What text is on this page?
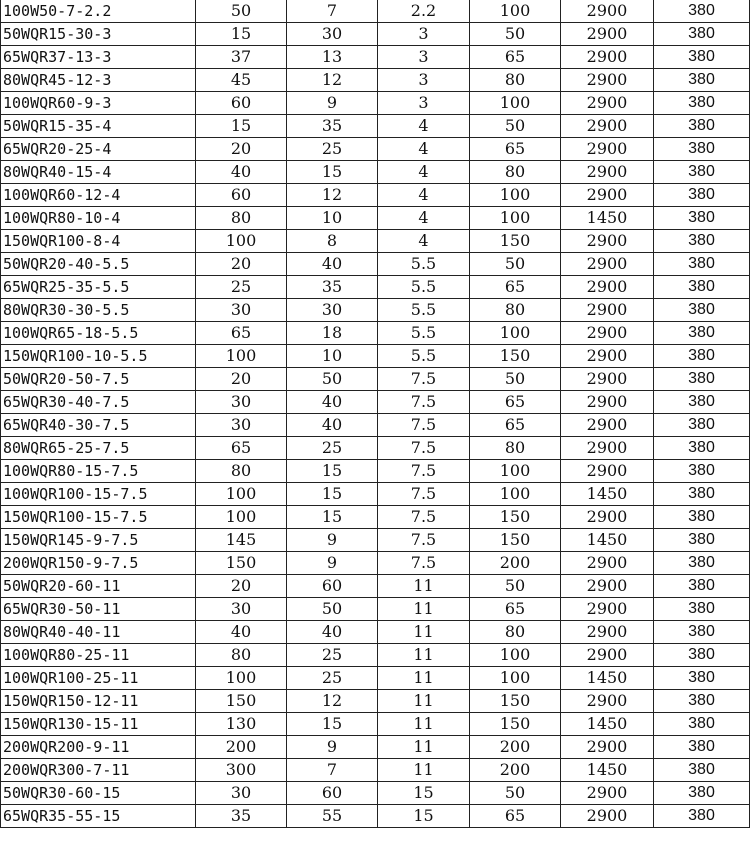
100W50-7-2.2	50	7	2.2	100	2900	380
50WQR15-30-3	15	30	3	50	2900	380
65WQR37-13-3	37	13	3	65	2900	380
80WQR45-12-3	45	12	3	80	2900	380
100WQR60-9-3	60	9	3	100	2900	380
50WQR15-35-4	15	35	4	50	2900	380
65WQR20-25-4	20	25	4	65	2900	380
80WQR40-15-4	40	15	4	80	2900	380
100WQR60-12-4	60	12	4	100	2900	380
100WQR80-10-4	80	10	4	100	1450	380
150WQR100-8-4	100	8	4	150	2900	380
50WQR20-40-5.5	20	40	5.5	50	2900	380
65WQR25-35-5.5	25	35	5.5	65	2900	380
80WQR30-30-5.5	30	30	5.5	80	2900	380
100WQR65-18-5.5	65	18	5.5	100	2900	380
150WQR100-10-5.5	100	10	5.5	150	2900	380
50WQR20-50-7.5	20	50	7.5	50	2900	380
65WQR30-40-7.5	30	40	7.5	65	2900	380
65WQR40-30-7.5	30	40	7.5	65	2900	380
80WQR65-25-7.5	65	25	7.5	80	2900	380
100WQR80-15-7.5	80	15	7.5	100	2900	380
100WQR100-15-7.5	100	15	7.5	100	1450	380
150WQR100-15-7.5	100	15	7.5	150	2900	380
150WQR145-9-7.5	145	9	7.5	150	1450	380
200WQR150-9-7.5	150	9	7.5	200	2900	380
50WQR20-60-11	20	60	11	50	2900	380
65WQR30-50-11	30	50	11	65	2900	380
80WQR40-40-11	40	40	11	80	2900	380
100WQR80-25-11	80	25	11	100	2900	380
100WQR100-25-11	100	25	11	100	1450	380
150WQR150-12-11	150	12	11	150	2900	380
150WQR130-15-11	130	15	11	150	1450	380
200WQR200-9-11	200	9	11	200	2900	380
200WQR300-7-11	300	7	11	200	1450	380
50WQR30-60-15	30	60	15	50	2900	380
65WQR35-55-15	35	55	15	65	2900	380
